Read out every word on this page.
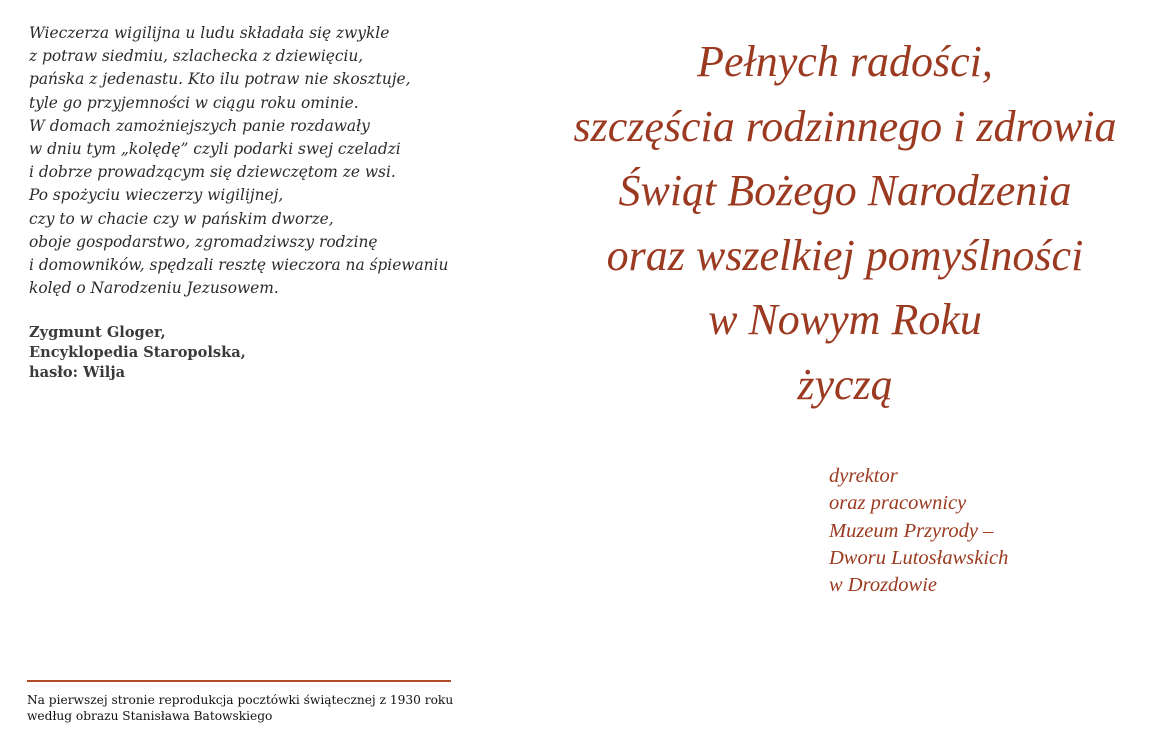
Wieczerza wigilijna u ludu składała się zwykle
z potraw siedmiu, szlachecka z dziewięciu,
pańska z jedenastu. Kto ilu potraw nie skosztuje,
tyle go przyjemności w ciągu roku ominie.
W domach zamożniejszych panie rozdawały
w dniu tym „kolędę” czyli podarki swej czeladzi
i dobrze prowadzącym się dziewczętom ze wsi.
Po spożyciu wieczerzy wigilijnej,
czy to w chacie czy w pańskim dworze,
oboje gospodarstwo, zgromadziwszy rodzinę
i domowników, spędzali resztę wieczora na śpiewaniu
kolęd o Narodzeniu Jezusowem.
Zygmunt Gloger,
Encyklopedia Staropolska,
hasło: Wilja
Na pierwszej stronie reprodukcja pocztówki świątecznej z 1930 roku
według obrazu Stanisława Batowskiego
Pełnych radości,
szczęścia rodzinnego i zdrowia
Świąt Bożego Narodzenia
oraz wszelkiej pomyślności
w Nowym Roku
życzą
dyrektor
oraz pracownicy
Muzeum Przyrody –
Dworu Lutosławskich
w Drozdowie
